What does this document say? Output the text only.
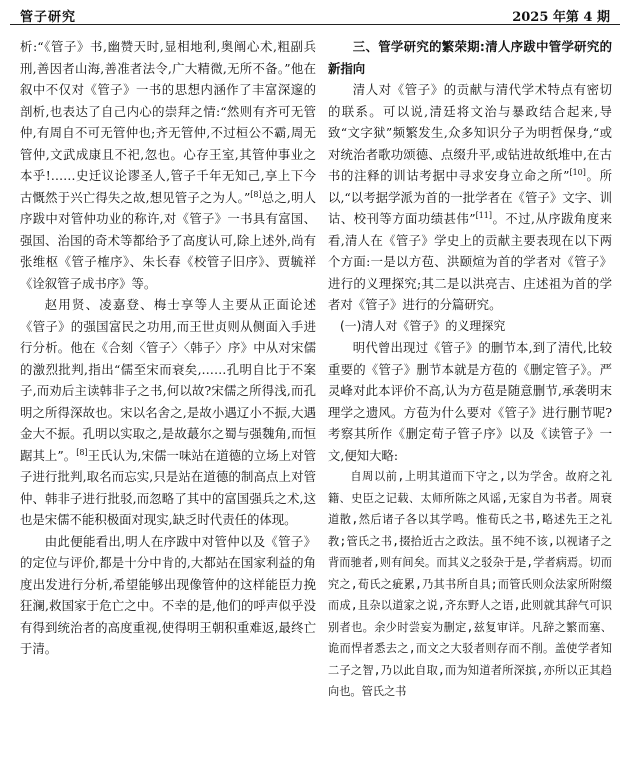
管子研究	2025 年第 4 期

析:“《管子》书,幽赞天时,显相地利,奥阐心术,粗副兵刑,善因者山海,善准者法令,广大精微,无所不备。”他在叙中不仅对《管子》一书的思想内涵作了丰富深邃的剖析,也表达了自己内心的崇拜之情:“然则有齐可无管仲,有周自不可无管仲也;齐无管仲,不过桓公不霸,周无管仲,文武成康且不祀,忽也。心存王室,其管仲事业之本乎!……史迁议论谬圣人,管子千年无知己,享上下今古慨然于兴亡得失之故,想见管子之为人。”[8]总之,明人序跋中对管仲功业的称许,对《管子》一书具有富国、强国、治国的奇术等都给予了高度认可,除上述外,尚有张维枢《管子榷序》、朱长春《校管子旧序》、贾毓祥《诠叙管子成书序》等。

赵用贤、凌嘉登、梅士享等人主要从正面论述《管子》的强国富民之功用,而王世贞则从侧面入手进行分析。他在《合刻〈管子〉〈韩子〉序》中从对宋儒的激烈批判,指出“儒至宋而衰矣,……孔明自比于不案子,而劝后主读韩非子之书,何以故?宋儒之所得浅,而孔明之所得深故也。宋以名舍之,是故小遇辽小不振,大遇金大不振。孔明以实取之,是故蕞尔之蜀与强魏角,而恒踞其上”。[8]王氏认为,宋儒一味站在道德的立场上对管子进行批判,取名而忘实,只是站在道德的制高点上对管仲、韩非子进行批驳,而忽略了其中的富国强兵之术,这也是宋儒不能积极面对现实,缺乏时代责任的体现。

由此便能看出,明人在序跋中对管仲以及《管子》的定位与评价,都是十分中肯的,大都站在国家利益的角度出发进行分析,希望能够出现像管仲的这样能臣力挽狂澜,救国家于危亡之中。不幸的是,他们的呼声似乎没有得到统治者的高度重视,使得明王朝积重难返,最终亡于清。

三、管学研究的繁荣期:清人序跋中管学研究的新指向

清人对《管子》的贡献与清代学术特点有密切的联系。可以说,清廷将文治与暴政结合起来,导致“文字狱”频繁发生,众多知识分子为明哲保身,“或对统治者歌功颂德、点缀升平,或钻进故纸堆中,在古书的注释的训诂考据中寻求安身立命之所”[10]。所以,“以考据学派为首的一批学者在《管子》文字、训诂、校刊等方面功绩甚伟”[11]。不过,从序跋角度来看,清人在《管子》学史上的贡献主要表现在以下两个方面:一是以方苞、洪颐煊为首的学者对《管子》进行的义理探究;其二是以洪亮吉、庄述祖为首的学者对《管子》进行的分篇研究。

(一)清人对《管子》的义理探究

明代曾出现过《管子》的删节本,到了清代,比较重要的《管子》删节本就是方苞的《删定管子》。严灵峰对此本评价不高,认为方苞是随意删节,承袭明末理学之遗风。方苞为什么要对《管子》进行删节呢?考察其所作《删定荀子管子序》以及《读管子》一文,便知大略:

自周以前,上明其道而下守之,以为学舍。故府之礼籍、史臣之记载、太师所陈之风谣,无家自为书者。周衰道散,然后诸子各以其学鸣。惟荀氏之书,略述先王之礼教;管氏之书,掇拾近古之政法。虽不纯不该,以视诸子之背而驰者,则有间矣。而其义之驳杂于是,学者病焉。切而究之,荀氏之疵累,乃其书所自具;而管氏则众法家所附缀而成,且杂以道家之说,齐东野人之语,此则就其辞气可识别者也。余少时尝妄为删定,兹复审详。凡辞之繁而塞、诡而悍者悉去之,而文之大驳者则存而不削。盖使学者知二子之智,乃以此自取,而为知道者所深摈,亦所以正其趋向也。管氏之书
